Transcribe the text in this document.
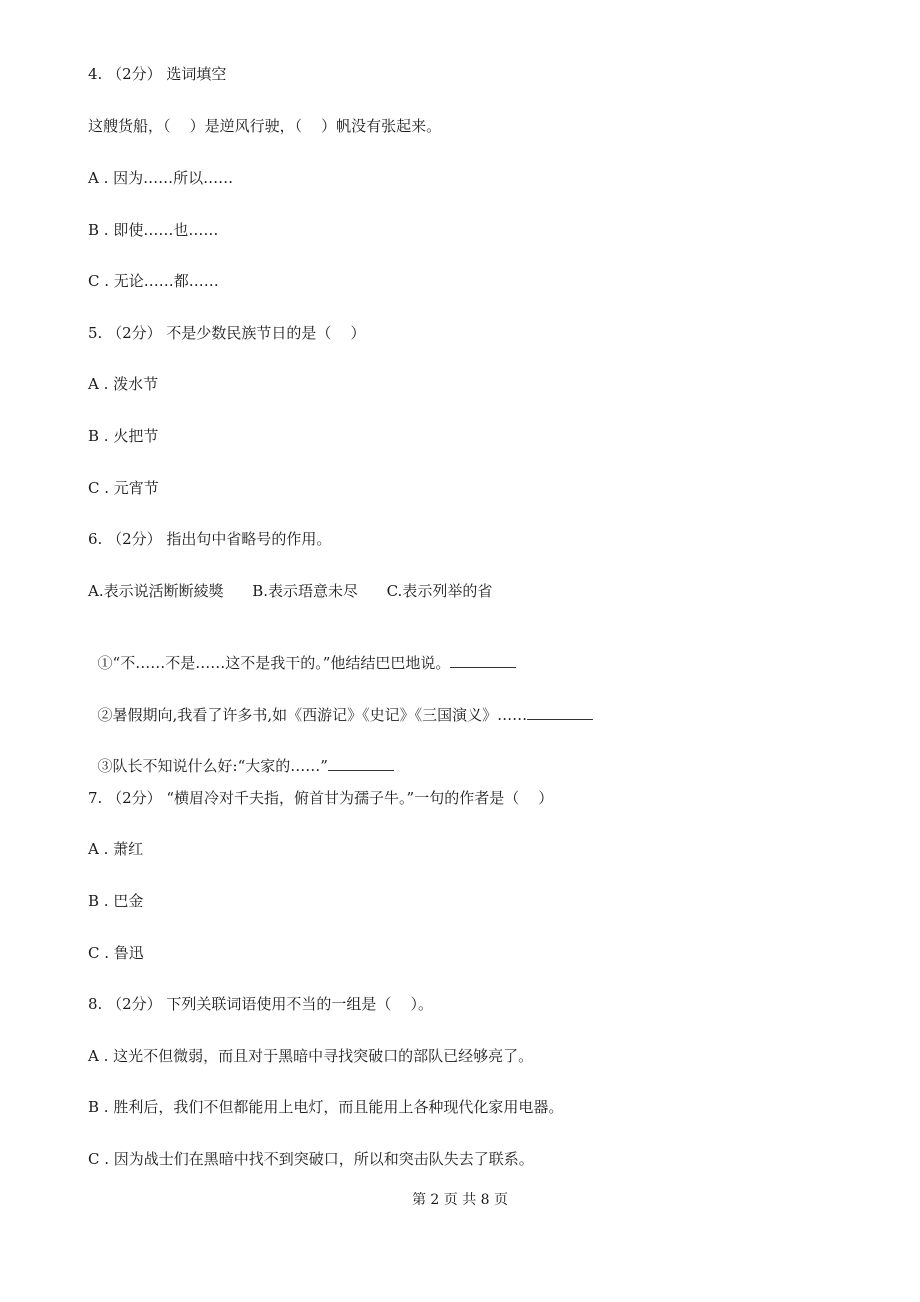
4. （2分） 选词填空
这艘货船，（    ）是逆风行驶，（    ）帆没有张起来。
A . 因为……所以……
B . 即使……也……
C . 无论……都……
5. （2分） 不是少数民族节日的是（    ）
A . 泼水节
B . 火把节
C . 元宵节
6. （2分） 指出句中省略号的作用。
A.表示说活断断綾獎      B.表示珸意未尽      C.表示列举的省

①“不……不是……这不是我干的。”他结结巴巴地说。

②暑假期向,我看了许多书,如《西游记》《史记》《三国演义》……

③队长不知说什么好:“大家的……”

7. （2分） “横眉冷对千夫指，俯首甘为孺子牛。”一句的作者是（    ）
A . 萧红
B . 巴金
C . 鲁迅
8. （2分） 下列关联词语使用不当的一组是（    ）。
A . 这光不但微弱，而且对于黑暗中寻找突破口的部队已经够亮了。
B . 胜利后，我们不但都能用上电灯，而且能用上各种现代化家用电器。
C . 因为战士们在黑暗中找不到突破口，所以和突击队失去了联系。
第 2 页 共 8 页
